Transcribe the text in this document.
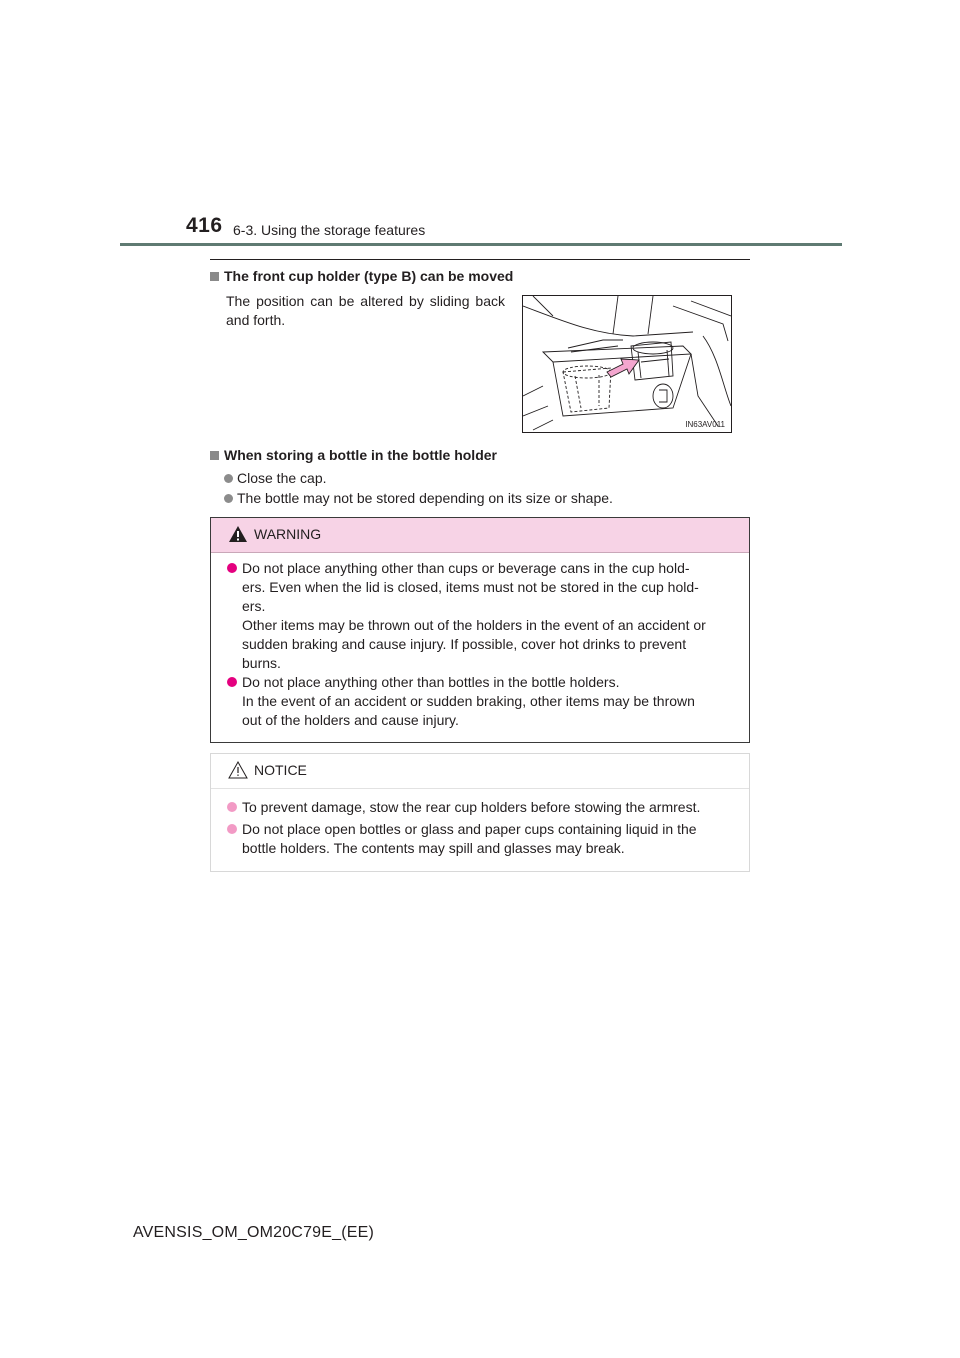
416 6-3. Using the storage features
The front cup holder (type B) can be moved
The position can be altered by sliding back and forth.
IN63AV011
When storing a bottle in the bottle holder
Close the cap.
The bottle may not be stored depending on its size or shape.
WARNING

Do not place anything other than cups or beverage cans in the cup hold-

ers. Even when the lid is closed, items must not be stored in the cup hold-

ers.

Other items may be thrown out of the holders in the event of an accident or

sudden braking and cause injury. If possible, cover hot drinks to prevent

burns.

Do not place anything other than bottles in the bottle holders.

In the event of an accident or sudden braking, other items may be thrown

out of the holders and cause injury.

NOTICE

To prevent damage, stow the rear cup holders before stowing the armrest.

Do not place open bottles or glass and paper cups containing liquid in the

bottle holders. The contents may spill and glasses may break.

AVENSIS_OM_OM20C79E_(EE)
